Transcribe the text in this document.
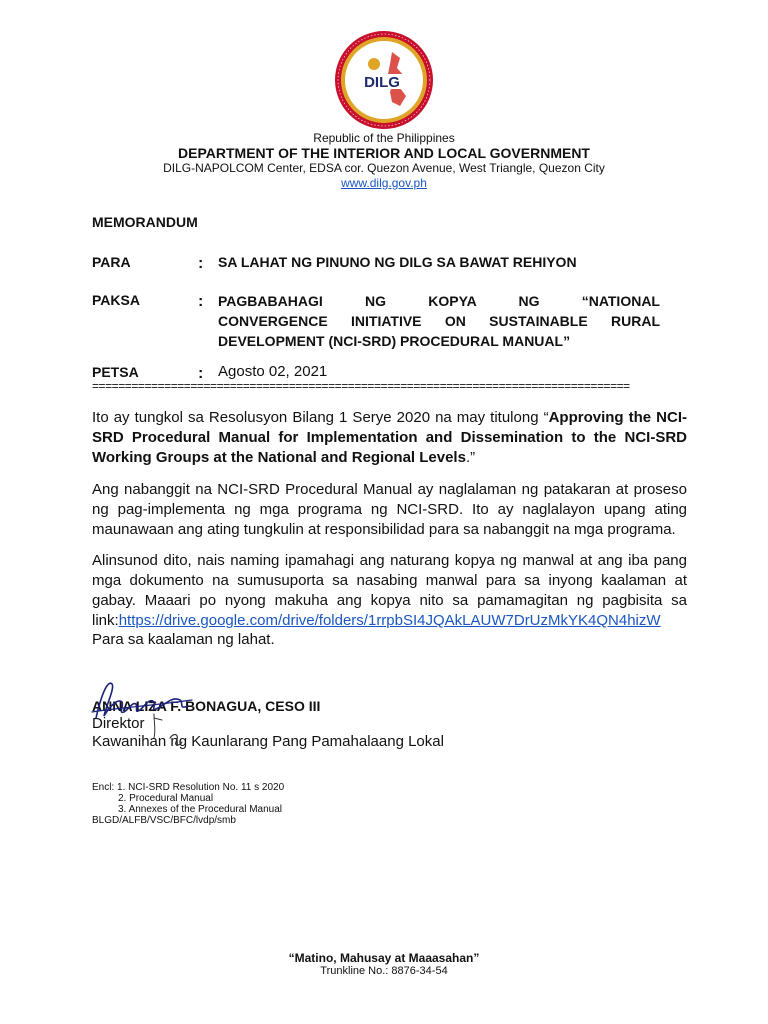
DILG
Republic of the Philippines
DEPARTMENT OF THE INTERIOR AND LOCAL GOVERNMENT
DILG-NAPOLCOM Center, EDSA cor. Quezon Avenue, West Triangle, Quezon City
www.dilg.gov.ph
MEMORANDUM
PARA	: SA LAHAT NG PINUNO NG DILG SA BAWAT REHIYON
PAKSA	: PAGBABAHAGI NG KOPYA NG “NATIONAL
CONVERGENCE INITIATIVE ON SUSTAINABLE RURAL
DEVELOPMENT (NCI-SRD) PROCEDURAL MANUAL”
PETSA	: Agosto 02, 2021
==================================================================================
Ito ay tungkol sa Resolusyon Bilang 1 Serye 2020 na may titulong “Approving the NCI-SRD Procedural Manual for Implementation and Dissemination to the NCI-SRD Working Groups at the National and Regional Levels.”
Ang nabanggit na NCI-SRD Procedural Manual ay naglalaman ng patakaran at proseso ng pag-implementa ng mga programa ng NCI-SRD. Ito ay naglalayon upang ating maunawaan ang ating tungkulin at responsibilidad para sa nabanggit na mga programa.
Alinsunod dito, nais naming ipamahagi ang naturang kopya ng manwal at ang iba pang mga dokumento na sumusuporta sa nasabing manwal para sa inyong kaalaman at gabay. Maaari po nyong makuha ang kopya nito sa pamamagitan ng pagbisita sa link:https://drive.google.com/drive/folders/1rrpbSI4JQAkLAUW7DrUzMkYK4QN4hizW
Para sa kaalaman ng lahat.
ANNA LIZA F. BONAGUA, CESO III
Direktor
Kawanihan ng Kaunlarang Pang Pamahalaang Lokal
Encl: 1. NCI-SRD Resolution No. 11 s 2020
2. Procedural Manual
3. Annexes of the Procedural Manual
BLGD/ALFB/VSC/BFC/lvdp/smb
“Matino, Mahusay at Maaasahan”
Trunkline No.: 8876-34-54
